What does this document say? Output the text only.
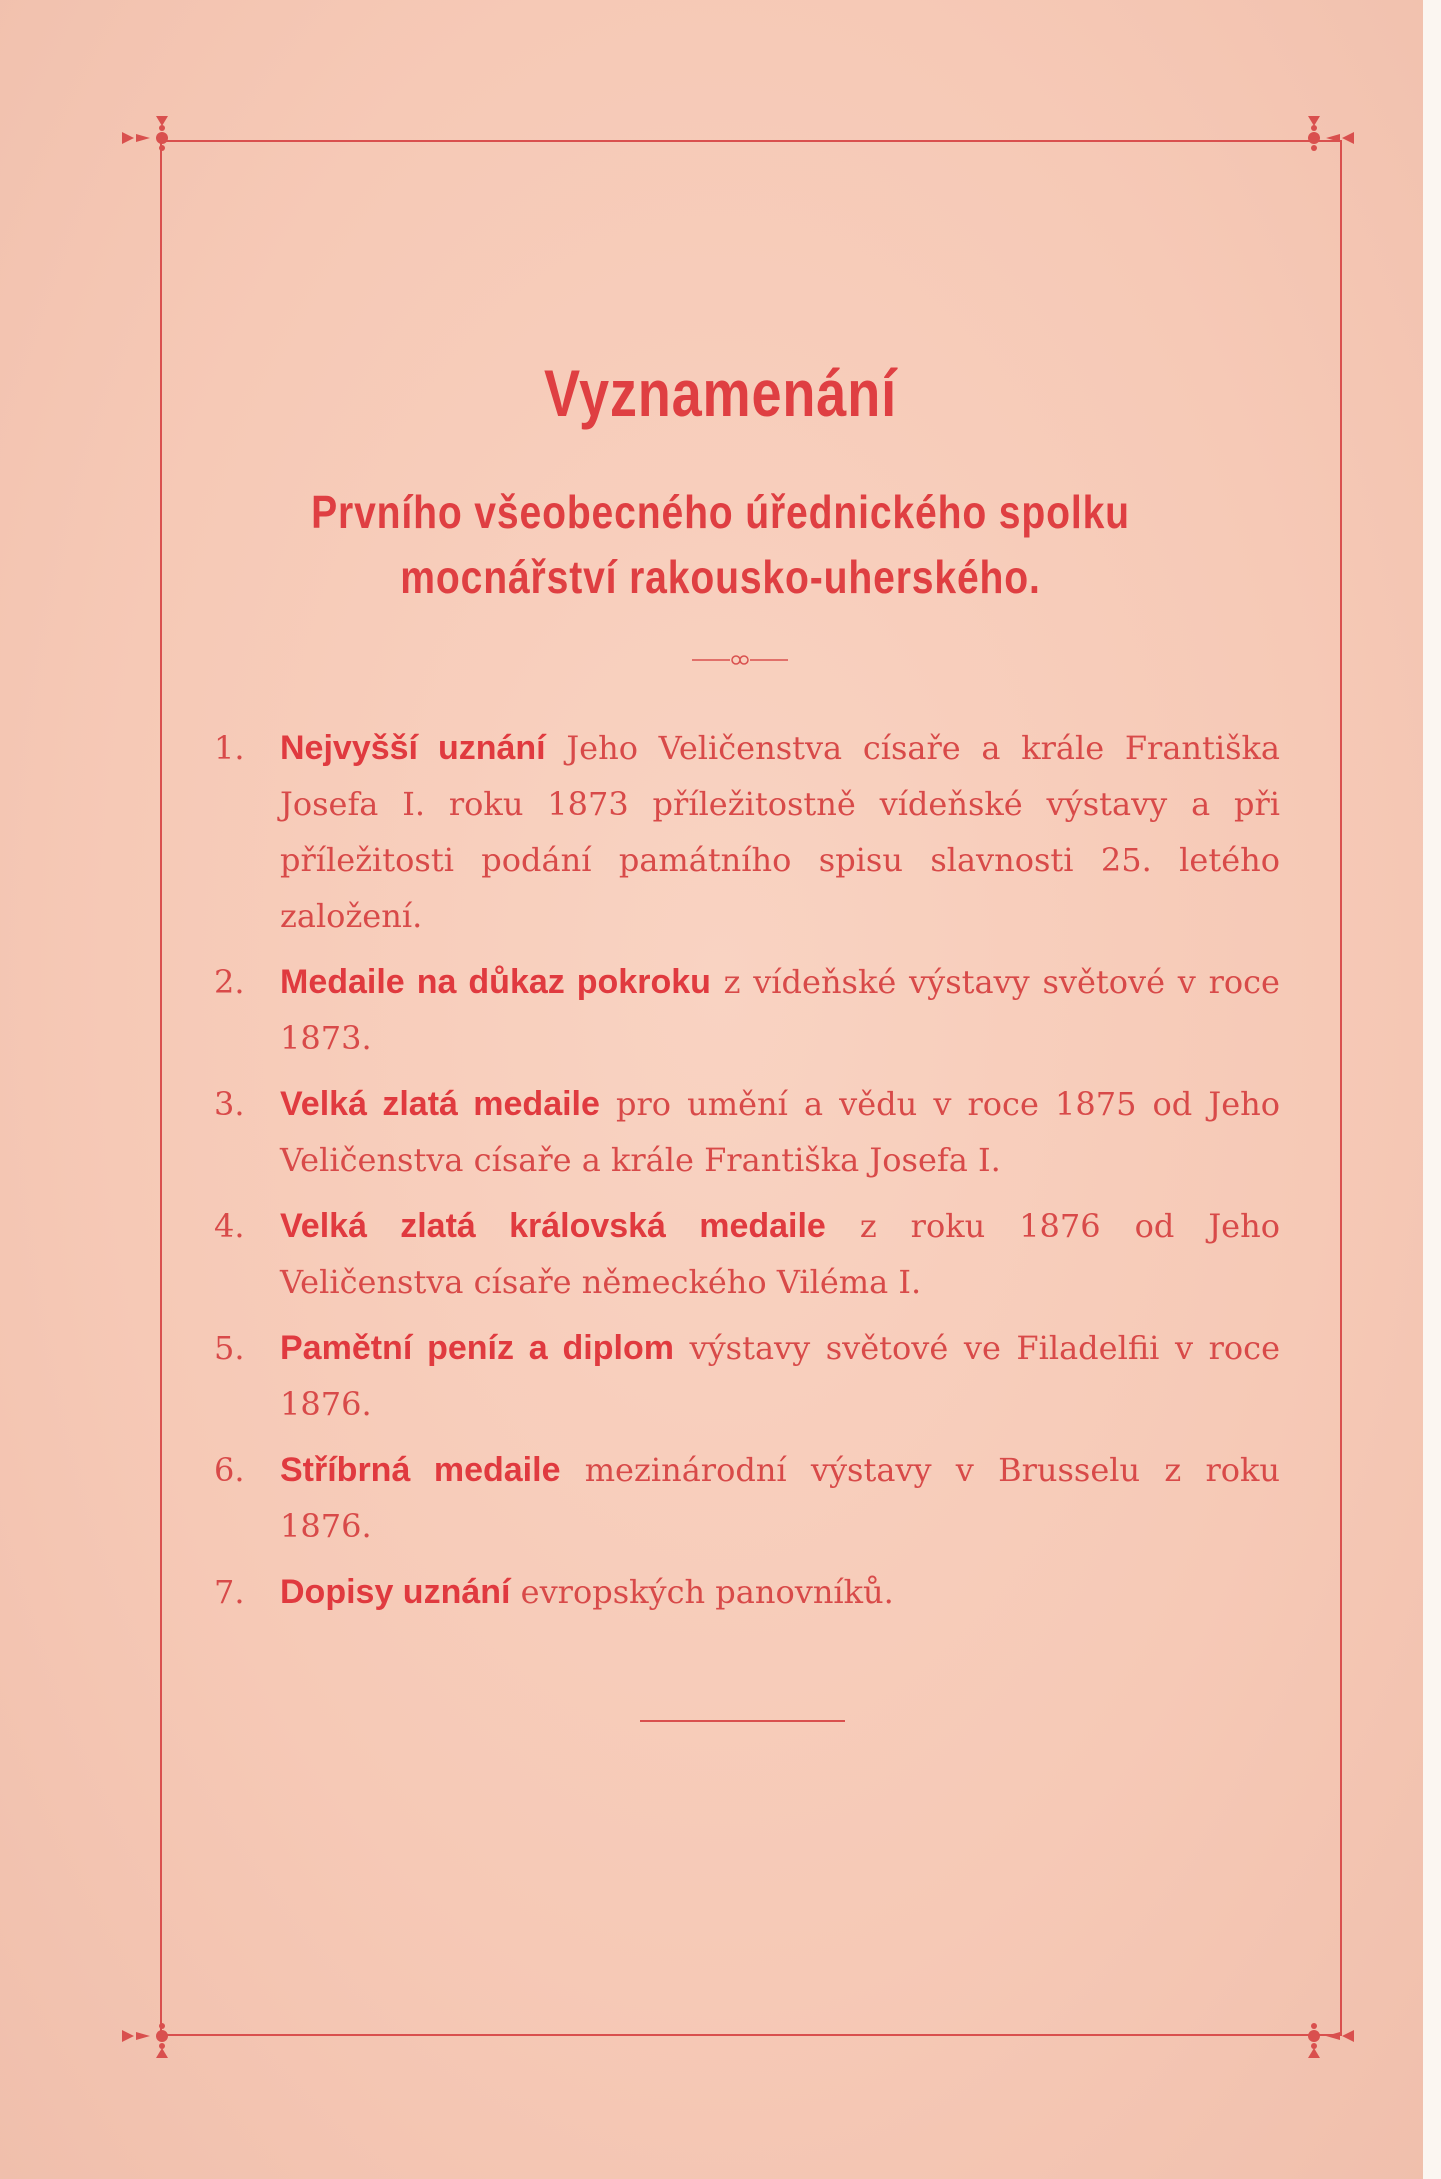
Vyznamenání
Prvního všeobecného úřednického spolku
mocnářství rakousko-uherského.
1. Nejvyšší uznání Jeho Veličenstva císaře a krále Františka Josefa I. roku 1873 příležitostně vídeňské výstavy a při příležitosti podání památního spisu slavnosti 25. letého založení.
2. Medaile na důkaz pokroku z vídeňské výstavy světové v roce 1873.
3. Velká zlatá medaile pro umění a vědu v roce 1875 od Jeho Veličenstva císaře a krále Františka Josefa I.
4. Velká zlatá královská medaile z roku 1876 od Jeho Veličenstva císaře německého Viléma I.
5. Pamětní peníz a diplom výstavy světové ve Filadelfii v roce 1876.
6. Stříbrná medaile mezinárodní výstavy v Brusselu z roku 1876.
7. Dopisy uznání evropských panovníků.
